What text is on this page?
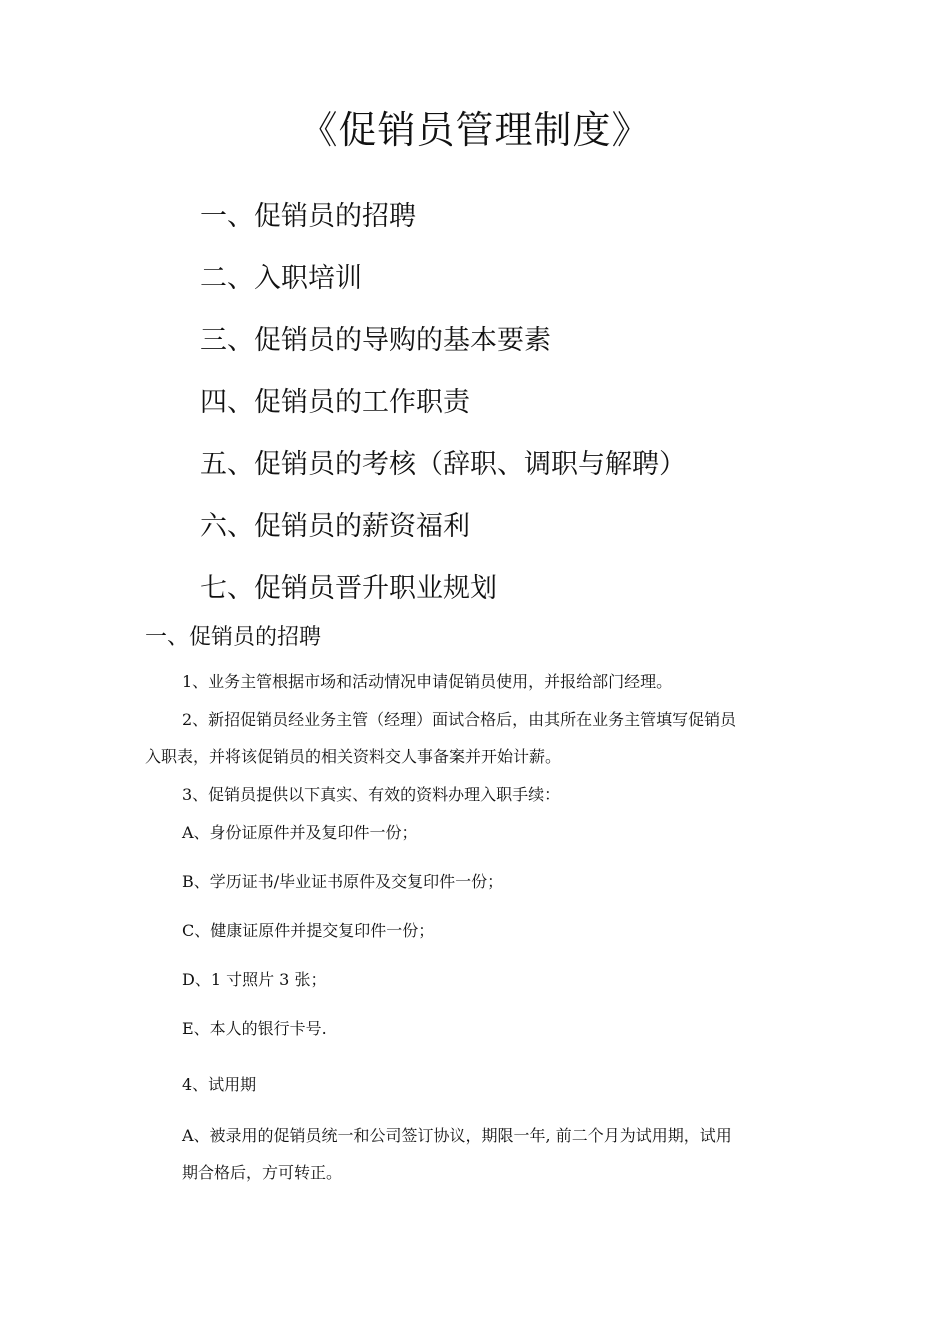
《促销员管理制度》
一、促销员的招聘
二、入职培训
三、促销员的导购的基本要素
四、促销员的工作职责
五、促销员的考核（辞职、调职与解聘）
六、促销员的薪资福利
七、促销员晋升职业规划
一、促销员的招聘
1、业务主管根据市场和活动情况申请促销员使用，并报给部门经理。
2、新招促销员经业务主管（经理）面试合格后，由其所在业务主管填写促销员
入职表，并将该促销员的相关资料交人事备案并开始计薪。
3、促销员提供以下真实、有效的资料办理入职手续：
A、身份证原件并及复印件一份；
B、学历证书/毕业证书原件及交复印件一份；
C、健康证原件并提交复印件一份；
D、1 寸照片 3 张；
E、本人的银行卡号.
4、试用期
A、被录用的促销员统一和公司签订协议，期限一年, 前二个月为试用期，试用
期合格后，方可转正。
